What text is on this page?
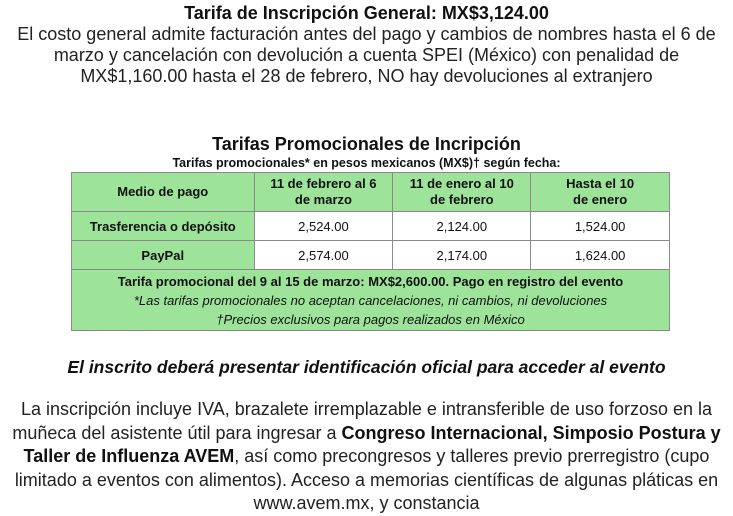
Tarifa de Inscripción General: MX$3,124.00
El costo general admite facturación antes del pago y cambios de nombres hasta el 6 de marzo y cancelación con devolución a cuenta SPEI (México) con penalidad de MX$1,160.00 hasta el 28 de febrero, NO hay devoluciones al extranjero
Tarifas Promocionales de Incripción
Tarifas promocionales* en pesos mexicanos (MX$)† según fecha:
Medio de pago	11 de febrero al 6 de marzo	11 de enero al 10 de febrero	Hasta el 10 de enero
Trasferencia o depósito	2,524.00	2,124.00	1,524.00
PayPal	2,574.00	2,174.00	1,624.00

Tarifa promocional del 9 al 15 de marzo: MX$2,600.00. Pago en registro del evento
*Las tarifas promocionales no aceptan cancelaciones, ni cambios, ni devoluciones
†Precios exclusivos para pagos realizados en México			
El inscrito deberá presentar identificación oficial para acceder al evento
La inscripción incluye IVA, brazalete irremplazable e intransferible de uso forzoso en la muñeca del asistente útil para ingresar a Congreso Internacional, Simposio Postura y Taller de Influenza AVEM, así como precongresos y talleres previo prerregistro (cupo limitado a eventos con alimentos). Acceso a memorias científicas de algunas pláticas en www.avem.mx, y constancia
